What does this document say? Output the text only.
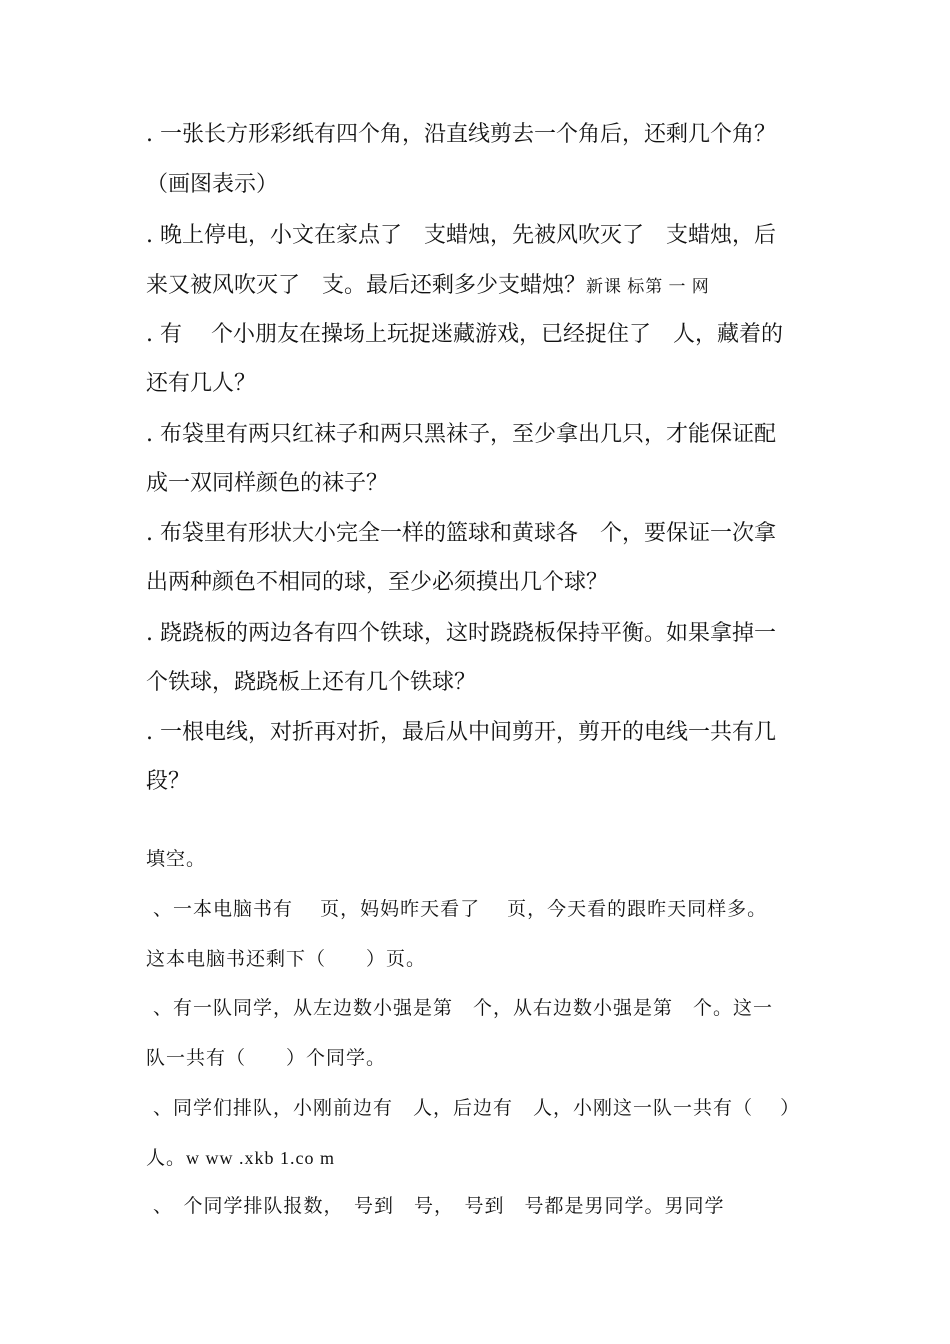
. 一张长方形彩纸有四个角，沿直线剪去一个角后，还剩几个角？
（画图表示）
. 晚上停电，小文在家点了　支蜡烛，先被风吹灭了　支蜡烛，后
来又被风吹灭了　支。最后还剩多少支蜡烛？新课 标第 一 网
. 有　 个小朋友在操场上玩捉迷藏游戏，已经捉住了　人，藏着的
还有几人？
. 布袋里有两只红袜子和两只黑袜子，至少拿出几只，才能保证配
成一双同样颜色的袜子？
. 布袋里有形状大小完全一样的篮球和黄球各　个，要保证一次拿
出两种颜色不相同的球，至少必须摸出几个球？
. 跷跷板的两边各有四个铁球，这时跷跷板保持平衡。如果拿掉一
个铁球，跷跷板上还有几个铁球？
. 一根电线，对折再对折，最后从中间剪开，剪开的电线一共有几
段？
填空。
、一本电脑书有　 页，妈妈昨天看了　 页，今天看的跟昨天同样多。
这本电脑书还剩下（　　）页。
、有一队同学，从左边数小强是第　个，从右边数小强是第　个。这一
队一共有（　　）个同学。
、同学们排队，小刚前边有　人，后边有　人，小刚这一队一共有（　 ）
人。w ww .xkb 1.co m
、　个同学排队报数，　号到　号，　号到　号都是男同学。男同学
